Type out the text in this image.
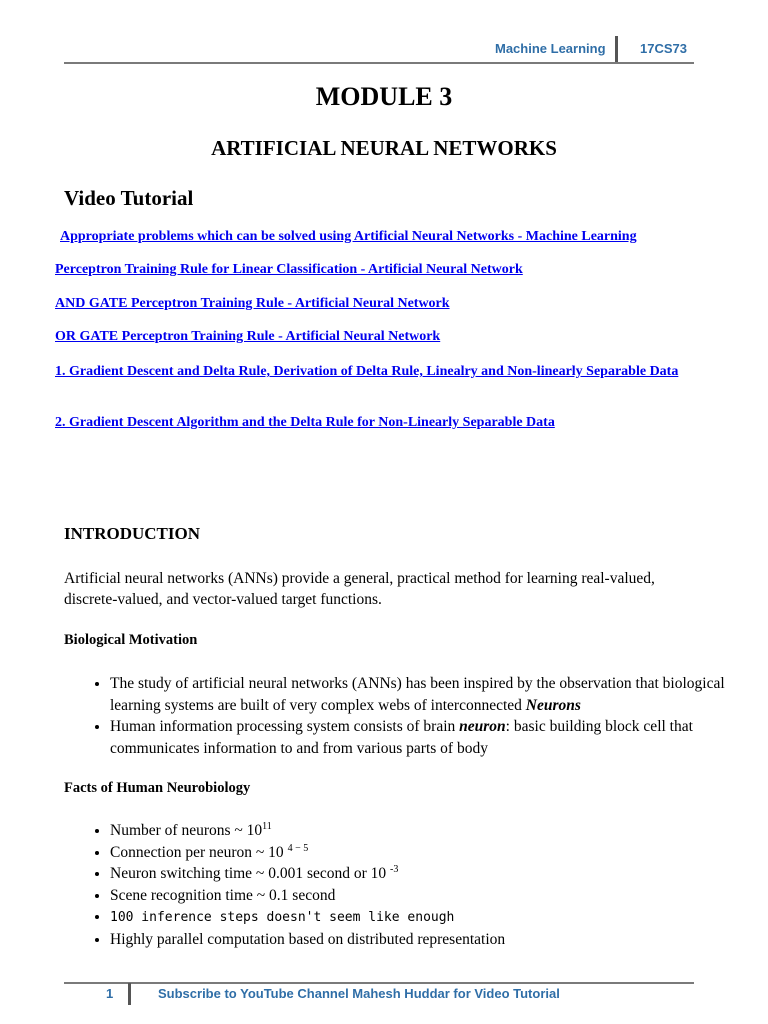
Machine Learning	17CS73
MODULE 3
ARTIFICIAL NEURAL NETWORKS
Video Tutorial
Appropriate problems which can be solved using Artificial Neural Networks - Machine Learning
Perceptron Training Rule for Linear Classification - Artificial Neural Network
AND GATE Perceptron Training Rule - Artificial Neural Network
OR GATE Perceptron Training Rule - Artificial Neural Network
1. Gradient Descent and Delta Rule, Derivation of Delta Rule, Linealry and Non-linearly Separable Data
2. Gradient Descent Algorithm and the Delta Rule for Non-Linearly Separable Data
INTRODUCTION
Artificial neural networks (ANNs) provide a general, practical method for learning real-valued, discrete-valued, and vector-valued target functions.
Biological Motivation
• The study of artificial neural networks (ANNs) has been inspired by the observation that biological learning systems are built of very complex webs of interconnected Neurons
• Human information processing system consists of brain neuron: basic building block cell that communicates information to and from various parts of body
Facts of Human Neurobiology
• Number of neurons ~ $10^{11}$
• Connection per neuron ~ 10 $^{4 - 5}$
• Neuron switching time ~ 0.001 second or 10 $^{-3}$
• Scene recognition time ~ 0.1 second
• 100 inference steps doesn't seem like enough
• Highly parallel computation based on distributed representation
1	Subscribe to YouTube Channel Mahesh Huddar for Video Tutorial
